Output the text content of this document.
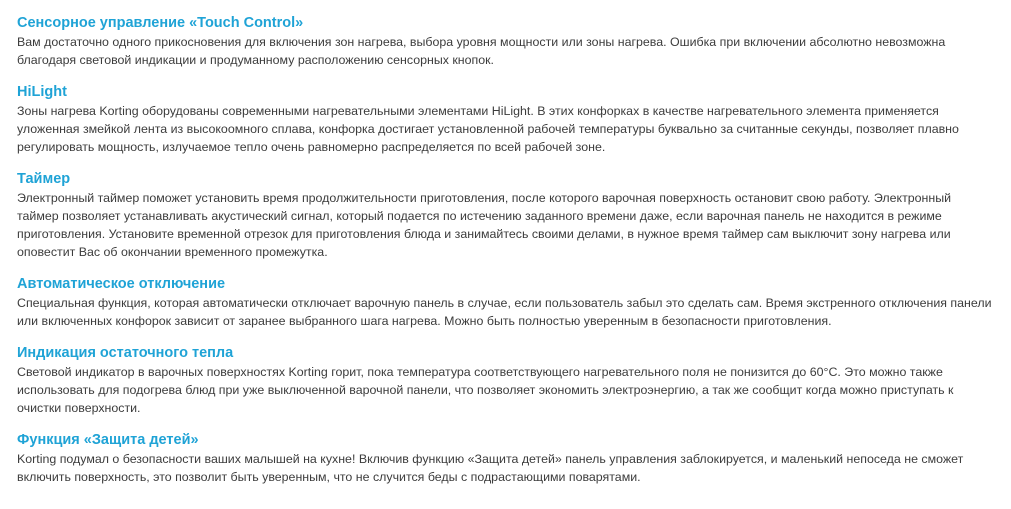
Сенсорное управление «Touch Control»

Вам достаточно одного прикосновения для включения зон нагрева, выбора уровня мощности или зоны нагрева. Ошибка при включении абсолютно невозможна благодаря световой индикации и продуманному расположению сенсорных кнопок.

HiLight

Зоны нагрева Korting оборудованы современными нагревательными элементами HiLight. В этих конфорках в качестве нагревательного элемента применяется уложенная змейкой лента из высокоомного сплава, конфорка достигает установленной рабочей температуры буквально за считанные секунды, позволяет плавно регулировать мощность, излучаемое тепло очень равномерно распределяется по всей рабочей зоне.

Таймер

Электронный таймер поможет установить время продолжительности приготовления, после которого варочная поверхность остановит свою работу. Электронный таймер позволяет устанавливать акустический сигнал, который подается по истечению заданного времени даже, если варочная панель не находится в режиме приготовления. Установите временной отрезок для приготовления блюда и занимайтесь своими делами, в нужное время таймер сам выключит зону нагрева или оповестит Вас об окончании временного промежутка.

Автоматическое отключение

Специальная функция, которая автоматически отключает варочную панель в случае, если пользователь забыл это сделать сам. Время экстренного отключения панели или включенных конфорок зависит от заранее выбранного шага нагрева. Можно быть полностью уверенным в безопасности приготовления.

Индикация остаточного тепла

Световой индикатор в варочных поверхностях Korting горит, пока температура соответствующего нагревательного поля не понизится до 60°C. Это можно также использовать для подогрева блюд при уже выключенной варочной панели, что позволяет экономить электроэнергию, а так же сообщит когда можно приступать к очистки поверхности.

Функция «Защита детей»

Korting подумал о безопасности ваших малышей на кухне! Включив функцию «Защита детей» панель управления заблокируется, и маленький непоседа не сможет включить поверхность, это позволит быть уверенным, что не случится беды с подрастающими поварятами.
